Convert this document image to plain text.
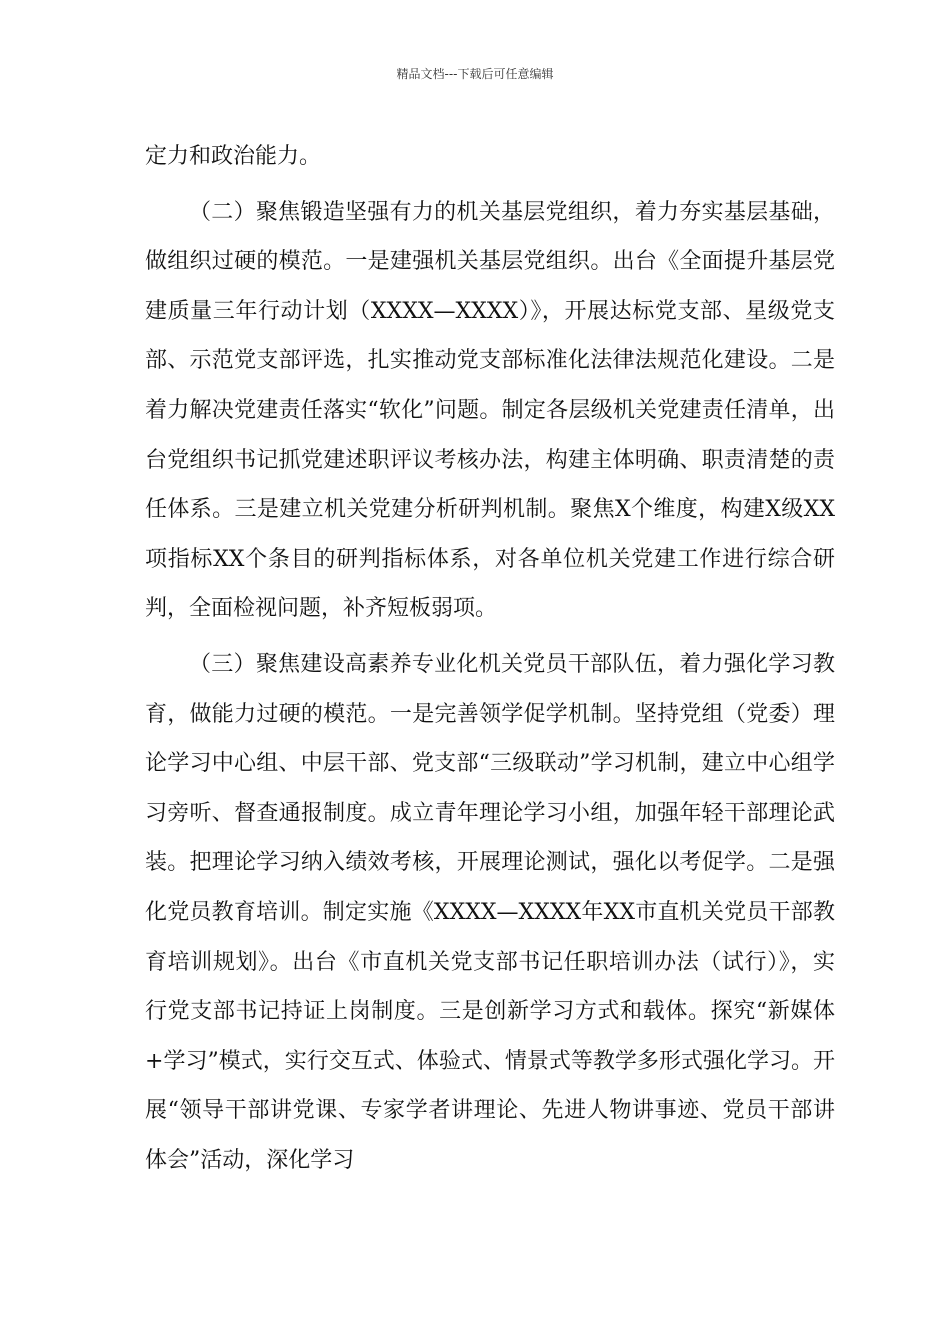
精品文档---下载后可任意编辑

定力和政治能力。

（二）聚焦锻造坚强有力的机关基层党组织，着力夯实基层基础，做组织过硬的模范。一是建强机关基层党组织。出台《全面提升基层党建质量三年行动计划（XXXX—XXXX）》，开展达标党支部、星级党支部、示范党支部评选，扎实推动党支部标准化法律法规范化建设。二是着力解决党建责任落实“软化”问题。制定各层级机关党建责任清单，出台党组织书记抓党建述职评议考核办法，构建主体明确、职责清楚的责任体系。三是建立机关党建分析研判机制。聚焦X个维度，构建X级XX项指标XX个条目的研判指标体系，对各单位机关党建工作进行综合研判，全面检视问题，补齐短板弱项。

（三）聚焦建设高素养专业化机关党员干部队伍，着力强化学习教育，做能力过硬的模范。一是完善领学促学机制。坚持党组（党委）理论学习中心组、中层干部、党支部“三级联动”学习机制，建立中心组学习旁听、督查通报制度。成立青年理论学习小组，加强年轻干部理论武装。把理论学习纳入绩效考核，开展理论测试，强化以考促学。二是强化党员教育培训。制定实施《XXXX—XXXX年XX市直机关党员干部教育培训规划》。出台《市直机关党支部书记任职培训办法（试行）》，实行党支部书记持证上岗制度。三是创新学习方式和载体。探究“新媒体+学习”模式，实行交互式、体验式、情景式等教学多形式强化学习。开展“领导干部讲党课、专家学者讲理论、先进人物讲事迹、党员干部讲体会”活动，深化学习
